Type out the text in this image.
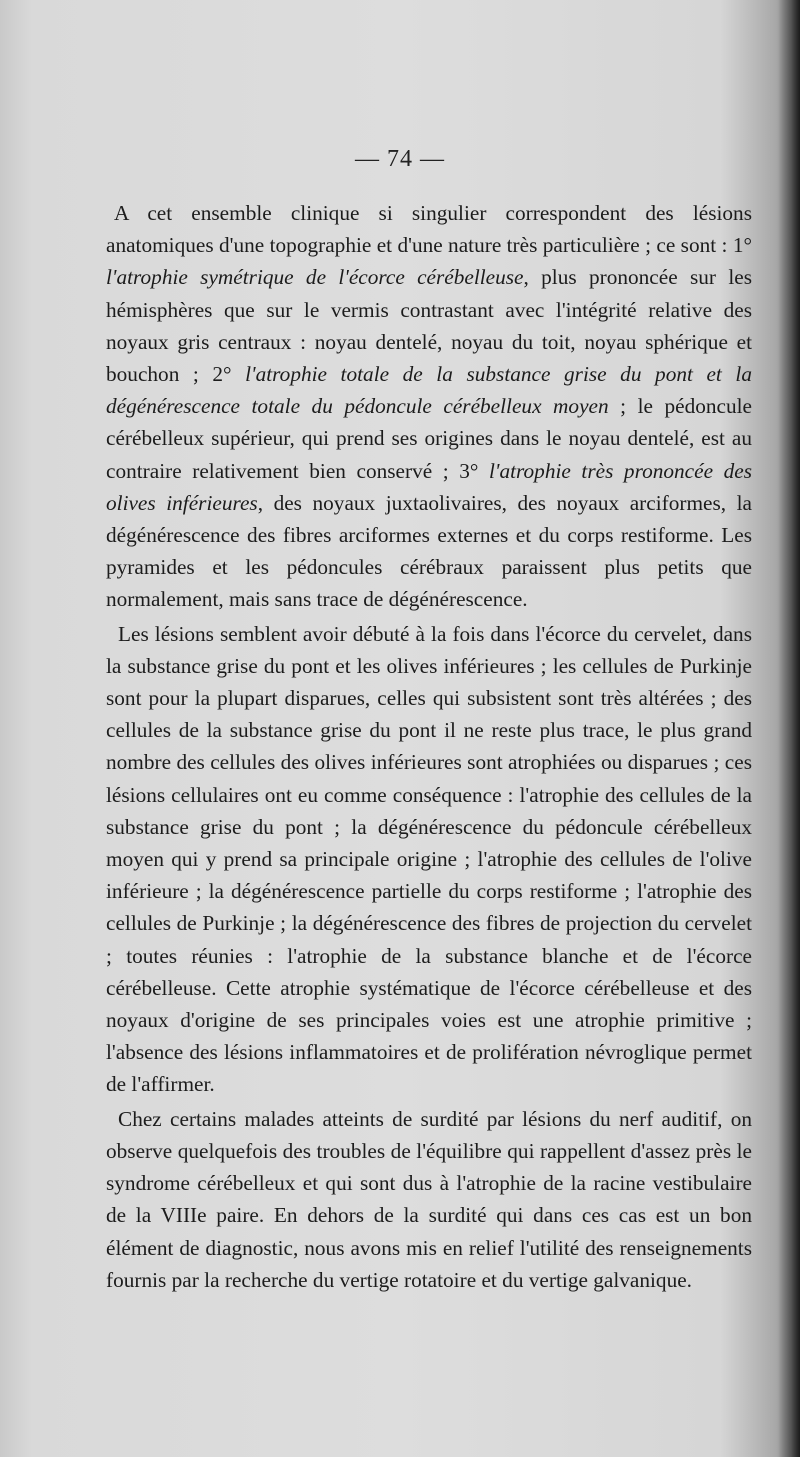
— 74 —

A cet ensemble clinique si singulier correspondent des lésions anatomiques d'une topographie et d'une nature très particulière ; ce sont : 1° l'atrophie symétrique de l'écorce cérébelleuse, plus prononcée sur les hémisphères que sur le vermis contrastant avec l'intégrité relative des noyaux gris centraux : noyau dentelé, noyau du toit, noyau sphérique et bouchon ; 2° l'atrophie totale de la substance grise du pont et la dégénérescence totale du pédoncule cérébelleux moyen ; le pédoncule cérébelleux supérieur, qui prend ses origines dans le noyau dentelé, est au contraire relativement bien conservé ; 3° l'atrophie très prononcée des olives inférieures, des noyaux juxtaolivaires, des noyaux arciformes, la dégénérescence des fibres arciformes externes et du corps restiforme. Les pyramides et les pédoncules cérébraux paraissent plus petits que normalement, mais sans trace de dégénérescence.

Les lésions semblent avoir débuté à la fois dans l'écorce du cervelet, dans la substance grise du pont et les olives inférieures ; les cellules de Purkinje sont pour la plupart disparues, celles qui subsistent sont très altérées ; des cellules de la substance grise du pont il ne reste plus trace, le plus grand nombre des cellules des olives inférieures sont atrophiées ou disparues ; ces lésions cellulaires ont eu comme conséquence : l'atrophie des cellules de la substance grise du pont ; la dégénérescence du pédoncule cérébelleux moyen qui y prend sa principale origine ; l'atrophie des cellules de l'olive inférieure ; la dégénérescence partielle du corps restiforme ; l'atrophie des cellules de Purkinje ; la dégénérescence des fibres de projection du cervelet ; toutes réunies : l'atrophie de la substance blanche et de l'écorce cérébelleuse. Cette atrophie systématique de l'écorce cérébelleuse et des noyaux d'origine de ses principales voies est une atrophie primitive ; l'absence des lésions inflammatoires et de prolifération névroglique permet de l'affirmer.

Chez certains malades atteints de surdité par lésions du nerf auditif, on observe quelquefois des troubles de l'équilibre qui rappellent d'assez près le syndrome cérébelleux et qui sont dus à l'atrophie de la racine vestibulaire de la VIIIe paire. En dehors de la surdité qui dans ces cas est un bon élément de diagnostic, nous avons mis en relief l'utilité des renseignements fournis par la recherche du vertige rotatoire et du vertige galvanique.
